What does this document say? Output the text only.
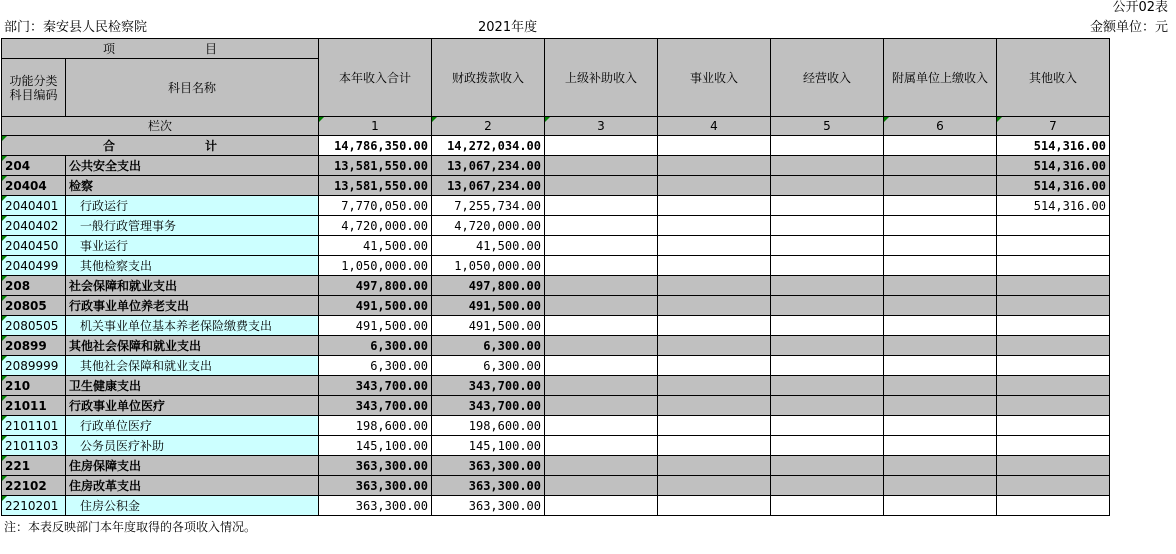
公开02表
部门：秦安县人民检察院	2021年度	金额单位：元
项 目		本年收入合计	财政拨款收入	上级补助收入	事业收入	经营收入	附属单位上缴收入	其他收入

功能分类
科目编码	科目名称							
栏次		1	2	3	4	5	6	7
合 计		14,786,350.00	14,272,034.00					514,316.00
204	公共安全支出	13,581,550.00	13,067,234.00					514,316.00
20404	检察	13,581,550.00	13,067,234.00					514,316.00
2040401	行政运行	7,770,050.00	7,255,734.00					514,316.00
2040402	一般行政管理事务	4,720,000.00	4,720,000.00					
2040450	事业运行	41,500.00	41,500.00					
2040499	其他检察支出	1,050,000.00	1,050,000.00					
208	社会保障和就业支出	497,800.00	497,800.00					
20805	行政事业单位养老支出	491,500.00	491,500.00					
2080505	机关事业单位基本养老保险缴费支出	491,500.00	491,500.00					
20899	其他社会保障和就业支出	6,300.00	6,300.00					
2089999	其他社会保障和就业支出	6,300.00	6,300.00					
210	卫生健康支出	343,700.00	343,700.00					
21011	行政事业单位医疗	343,700.00	343,700.00					
2101101	行政单位医疗	198,600.00	198,600.00					
2101103	公务员医疗补助	145,100.00	145,100.00					
221	住房保障支出	363,300.00	363,300.00					
22102	住房改革支出	363,300.00	363,300.00					
2210201	住房公积金	363,300.00	363,300.00					
注：本表反映部门本年度取得的各项收入情况。
